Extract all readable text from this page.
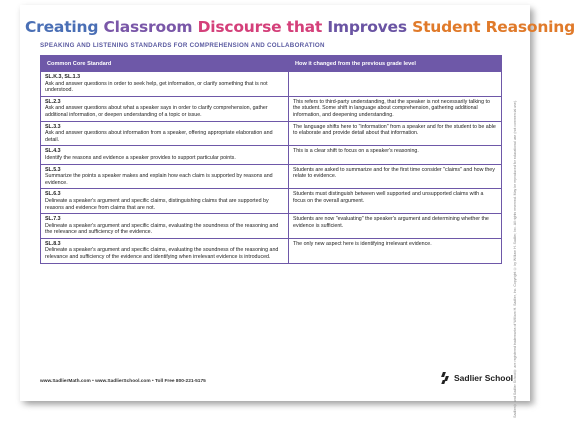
Creating Classroom Discourse that Improves Student Reasoning
SPEAKING AND LISTENING STANDARDS FOR COMPREHENSION AND COLLABORATION
Common Core Standard	How it changed from the previous grade level

SL.K.3, SL.1.3
Ask and answer questions in order to seek help, get information, or clarify something that is not understood.	

SL.2.3
Ask and answer questions about what a speaker says in order to clarify comprehension, gather additional information, or deepen understanding of a topic or issue.	This refers to third-party understanding, that the speaker is not necessarily talking to the student. Some shift in language about comprehension, gathering additional information, and deepening understanding.

SL.3.3
Ask and answer questions about information from a speaker, offering appropriate elaboration and detail.	The language shifts here to "information" from a speaker and for the student to be able to elaborate and provide detail about that information.

SL.4.3
Identify the reasons and evidence a speaker provides to support particular points.	This is a clear shift to focus on a speaker's reasoning.

SL.5.3
Summarize the points a speaker makes and explain how each claim is supported by reasons and evidence.	Students are asked to summarize and for the first time consider "claims" and how they relate to evidence.

SL.6.3
Delineate a speaker's argument and specific claims, distinguishing claims that are supported by reasons and evidence from claims that are not.	Students must distinguish between well supported and unsupported claims with a focus on the overall argument.

SL.7.3
Delineate a speaker's argument and specific claims, evaluating the soundness of the reasoning and the relevance and sufficiency of the evidence.	Students are now "evaluating" the speaker's argument and determining whether the evidence is sufficient.

SL.8.3
Delineate a speaker's argument and specific claims, evaluating the soundness of the reasoning and relevance and sufficiency of the evidence and identifying when irrelevant evidence is introduced.	The only new aspect here is identifying irrelevant evidence.
www.SadlierMath.com • www.SadlierSchool.com • Toll Free 800-221-5175	Sadlier School Sadlier® and Sadlier School® are registered trademarks of William H. Sadlier, Inc. Copyright © by William H. Sadlier, Inc. All rights reserved. May be reproduced for educational use (not commercial use).
